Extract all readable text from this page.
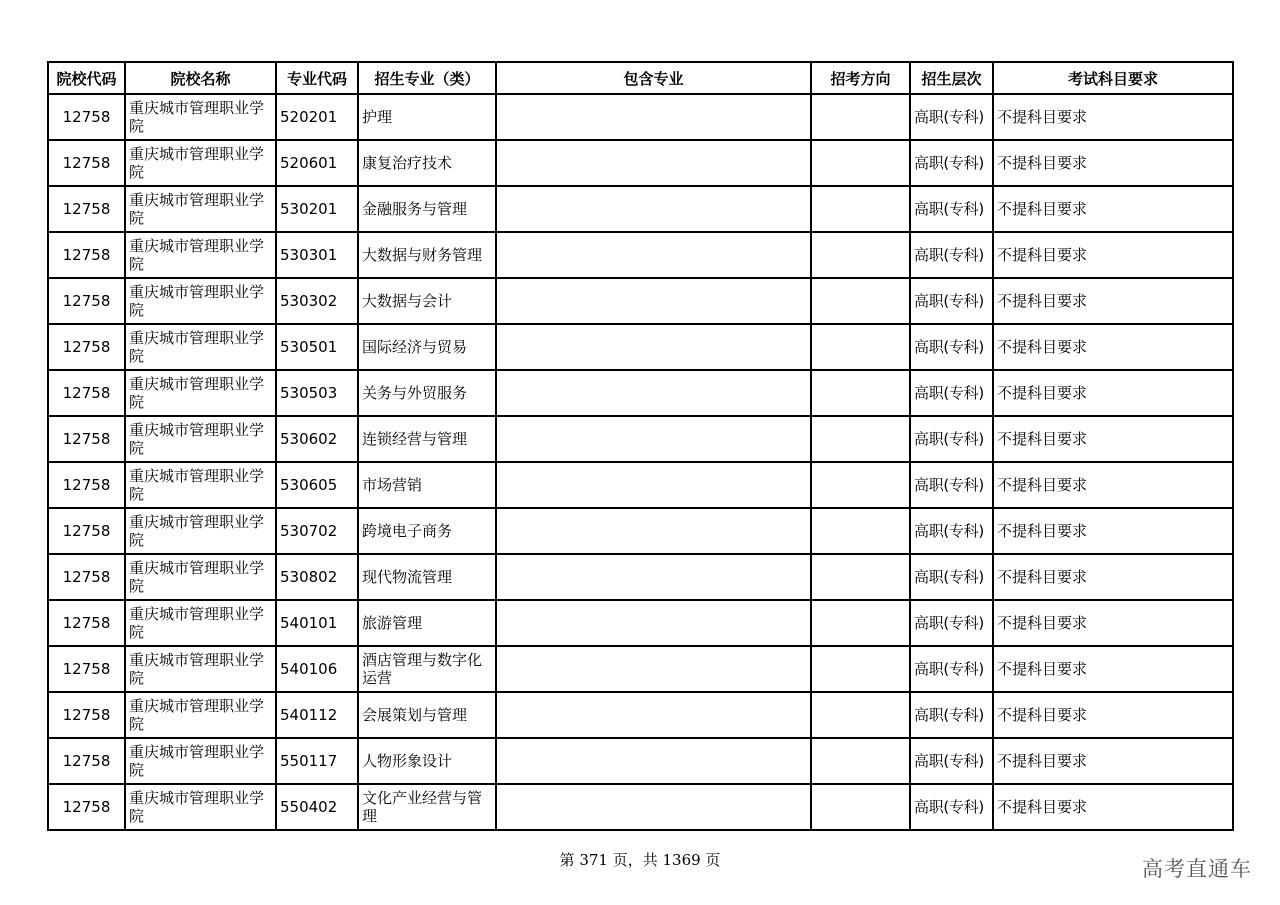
院校代码	院校名称	专业代码	招生专业（类）	包含专业	招考方向	招生层次	考试科目要求
12758	重庆城市管理职业学院	520201	护理			高职(专科)	不提科目要求
12758	重庆城市管理职业学院	520601	康复治疗技术			高职(专科)	不提科目要求
12758	重庆城市管理职业学院	530201	金融服务与管理			高职(专科)	不提科目要求
12758	重庆城市管理职业学院	530301	大数据与财务管理			高职(专科)	不提科目要求
12758	重庆城市管理职业学院	530302	大数据与会计			高职(专科)	不提科目要求
12758	重庆城市管理职业学院	530501	国际经济与贸易			高职(专科)	不提科目要求
12758	重庆城市管理职业学院	530503	关务与外贸服务			高职(专科)	不提科目要求
12758	重庆城市管理职业学院	530602	连锁经营与管理			高职(专科)	不提科目要求
12758	重庆城市管理职业学院	530605	市场营销			高职(专科)	不提科目要求
12758	重庆城市管理职业学院	530702	跨境电子商务			高职(专科)	不提科目要求
12758	重庆城市管理职业学院	530802	现代物流管理			高职(专科)	不提科目要求
12758	重庆城市管理职业学院	540101	旅游管理			高职(专科)	不提科目要求
12758	重庆城市管理职业学院	540106	酒店管理与数字化运营			高职(专科)	不提科目要求
12758	重庆城市管理职业学院	540112	会展策划与管理			高职(专科)	不提科目要求
12758	重庆城市管理职业学院	550117	人物形象设计			高职(专科)	不提科目要求
12758	重庆城市管理职业学院	550402	文化产业经营与管理			高职(专科)	不提科目要求
第 371 页，共 1369 页	高考直通车
